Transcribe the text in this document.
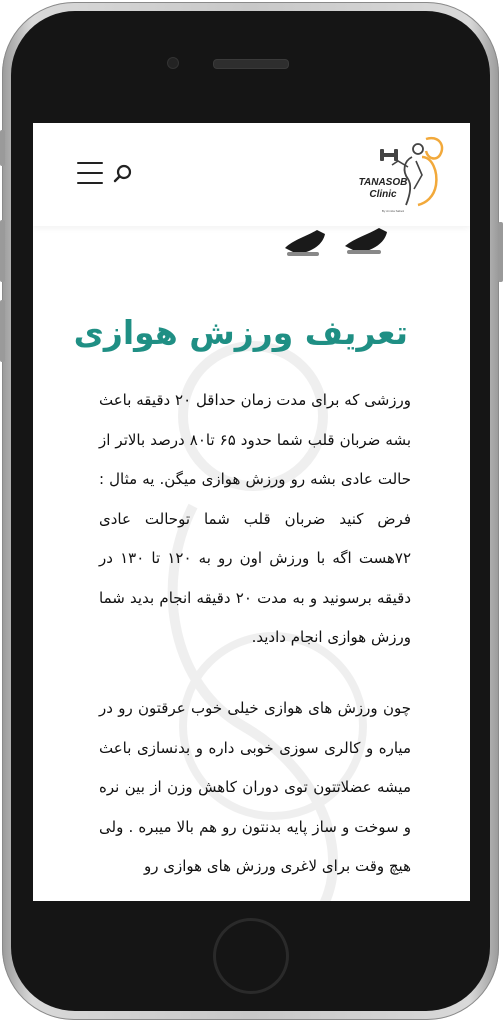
TANASOB
Clinic
By Armita Sabeti
تعریف ورزش هوازی

ورزشی که برای مدت زمان حداقل ۲۰ دقیقه باعث بشه ضربان قلب شما حدود ۶۵ تا۸۰ درصد بالاتر از حالت عادی بشه رو ورزش هوازی میگن. یه مثال : فرض کنید ضربان قلب شما توحالت عادی ۷۲هست اگه با ورزش اون رو به ۱۲۰ تا ۱۳۰ در دقیقه برسونید و به مدت ۲۰ دقیقه انجام بدید شما ورزش هوازی انجام دادید.

چون ورزش های هوازی خیلی خوب عرقتون رو در میاره و کالری سوزی خوبی داره و بدنسازی باعث میشه عضلاتتون توی دوران کاهش وزن از بین نره و سوخت و ساز پایه بدنتون رو هم بالا میبره . ولی هیچ وقت برای لاغری ورزش های هوازی رو
